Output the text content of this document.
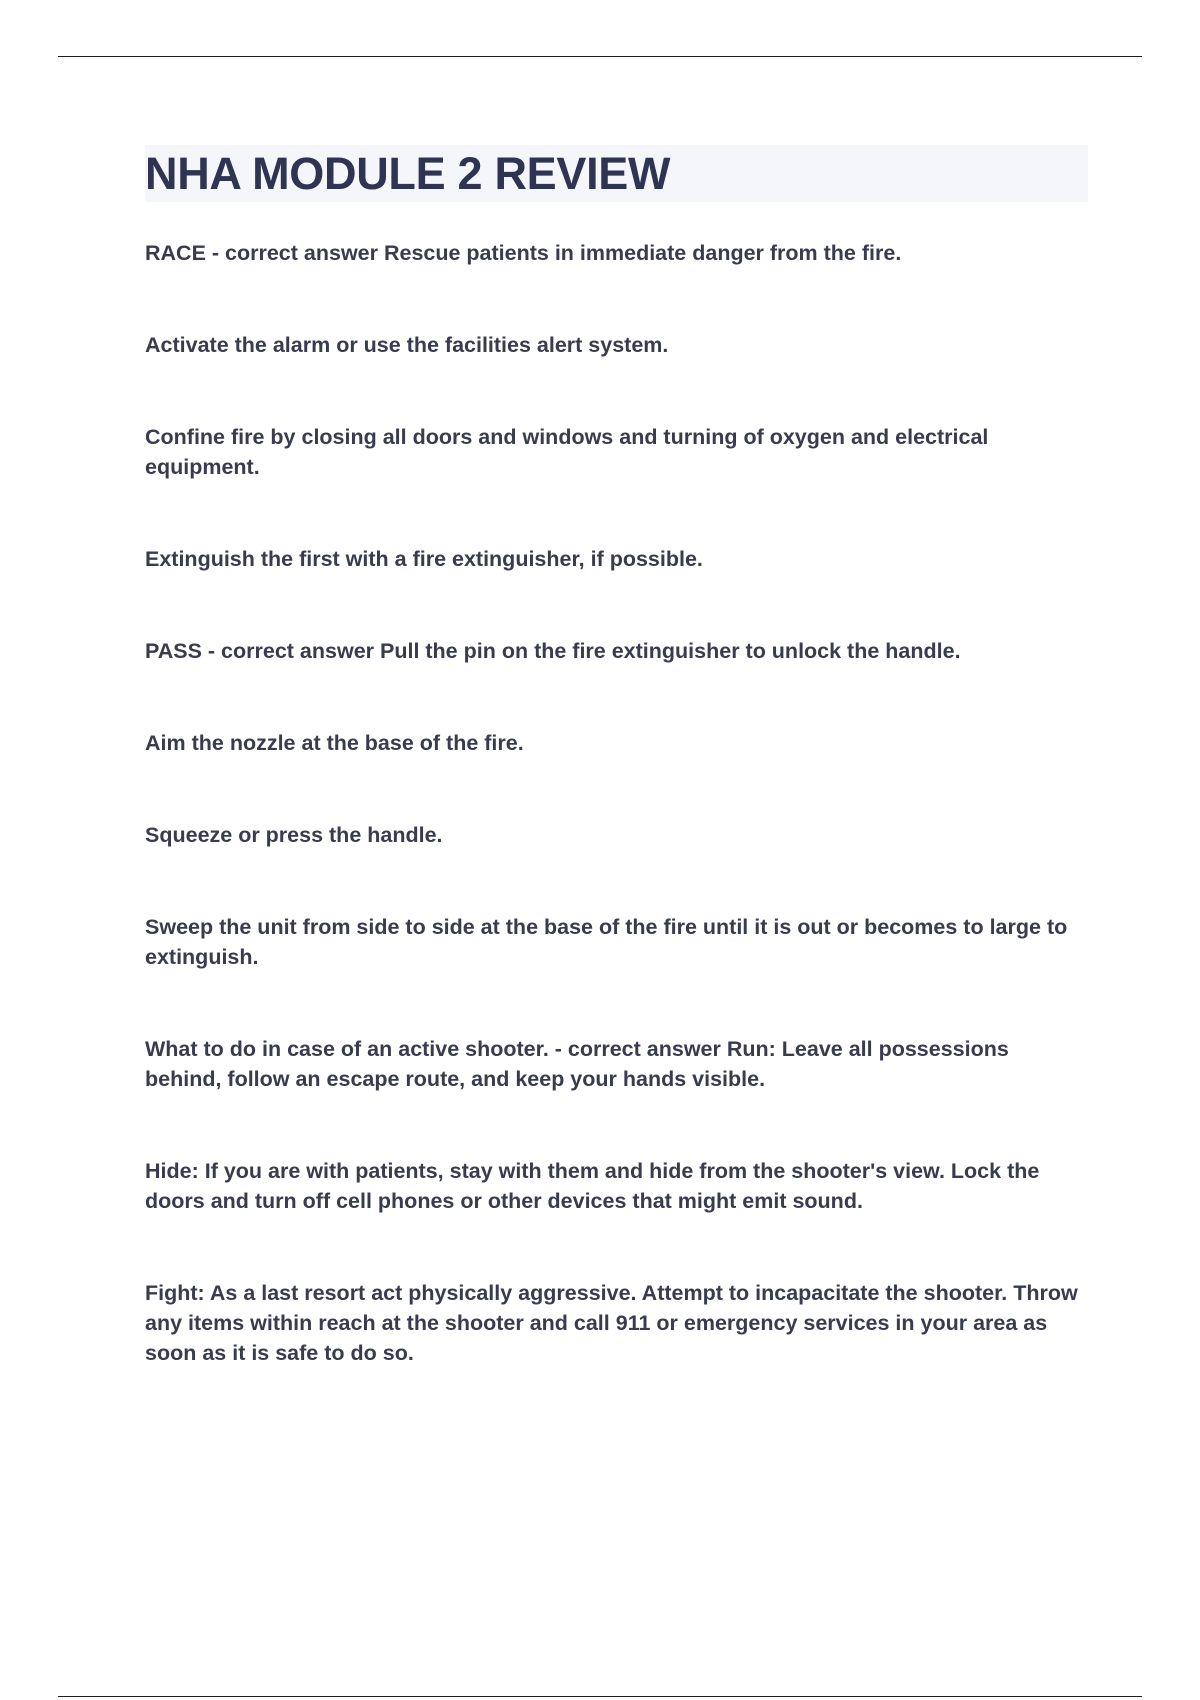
NHA MODULE 2 REVIEW
RACE - correct answer Rescue patients in immediate danger from the fire.
Activate the alarm or use the facilities alert system.
Confine fire by closing all doors and windows and turning of oxygen and electrical equipment.
Extinguish the first with a fire extinguisher, if possible.
PASS - correct answer Pull the pin on the fire extinguisher to unlock the handle.
Aim the nozzle at the base of the fire.
Squeeze or press the handle.
Sweep the unit from side to side at the base of the fire until it is out or becomes to large to extinguish.
What to do in case of an active shooter. - correct answer Run: Leave all possessions behind, follow an escape route, and keep your hands visible.
Hide: If you are with patients, stay with them and hide from the shooter's view. Lock the doors and turn off cell phones or other devices that might emit sound.
Fight: As a last resort act physically aggressive. Attempt to incapacitate the shooter. Throw any items within reach at the shooter and call 911 or emergency services in your area as soon as it is safe to do so.
